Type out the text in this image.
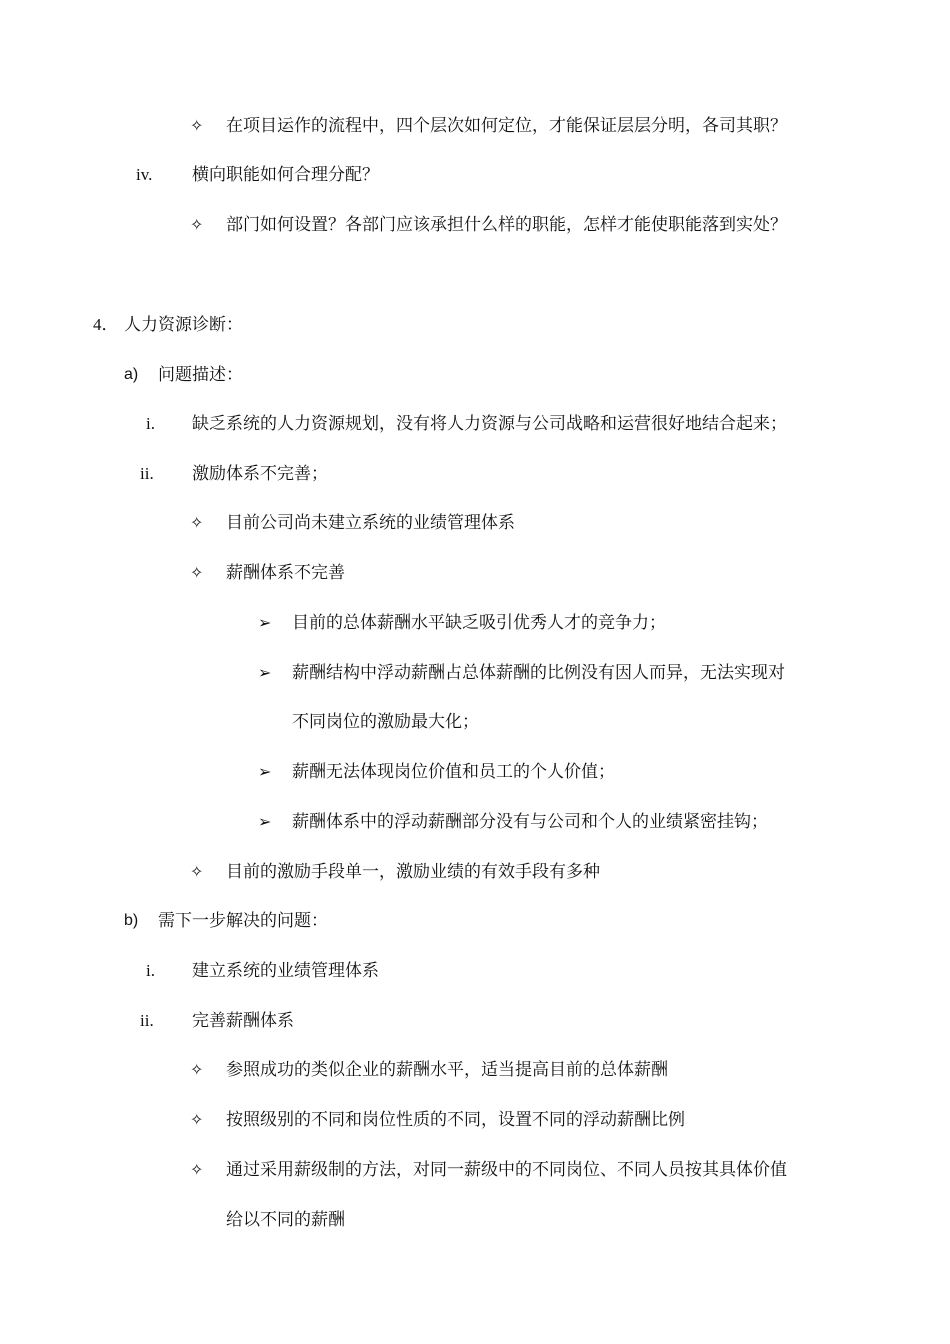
✧ 在项目运作的流程中，四个层次如何定位，才能保证层层分明，各司其职？
iv. 横向职能如何合理分配？
✧ 部门如何设置？各部门应该承担什么样的职能，怎样才能使职能落到实处？
4． 人力资源诊断：
a) 问题描述：
i. 缺乏系统的人力资源规划，没有将人力资源与公司战略和运营很好地结合起来；
ii. 激励体系不完善；
✧ 目前公司尚未建立系统的业绩管理体系
✧ 薪酬体系不完善
➢ 目前的总体薪酬水平缺乏吸引优秀人才的竞争力；
➢ 薪酬结构中浮动薪酬占总体薪酬的比例没有因人而异，无法实现对
不同岗位的激励最大化；
➢ 薪酬无法体现岗位价值和员工的个人价值；
➢ 薪酬体系中的浮动薪酬部分没有与公司和个人的业绩紧密挂钩；
✧ 目前的激励手段单一，激励业绩的有效手段有多种
b) 需下一步解决的问题：
i. 建立系统的业绩管理体系
ii. 完善薪酬体系
✧ 参照成功的类似企业的薪酬水平，适当提高目前的总体薪酬
✧ 按照级别的不同和岗位性质的不同，设置不同的浮动薪酬比例
✧ 通过采用薪级制的方法，对同一薪级中的不同岗位、不同人员按其具体价值
给以不同的薪酬
